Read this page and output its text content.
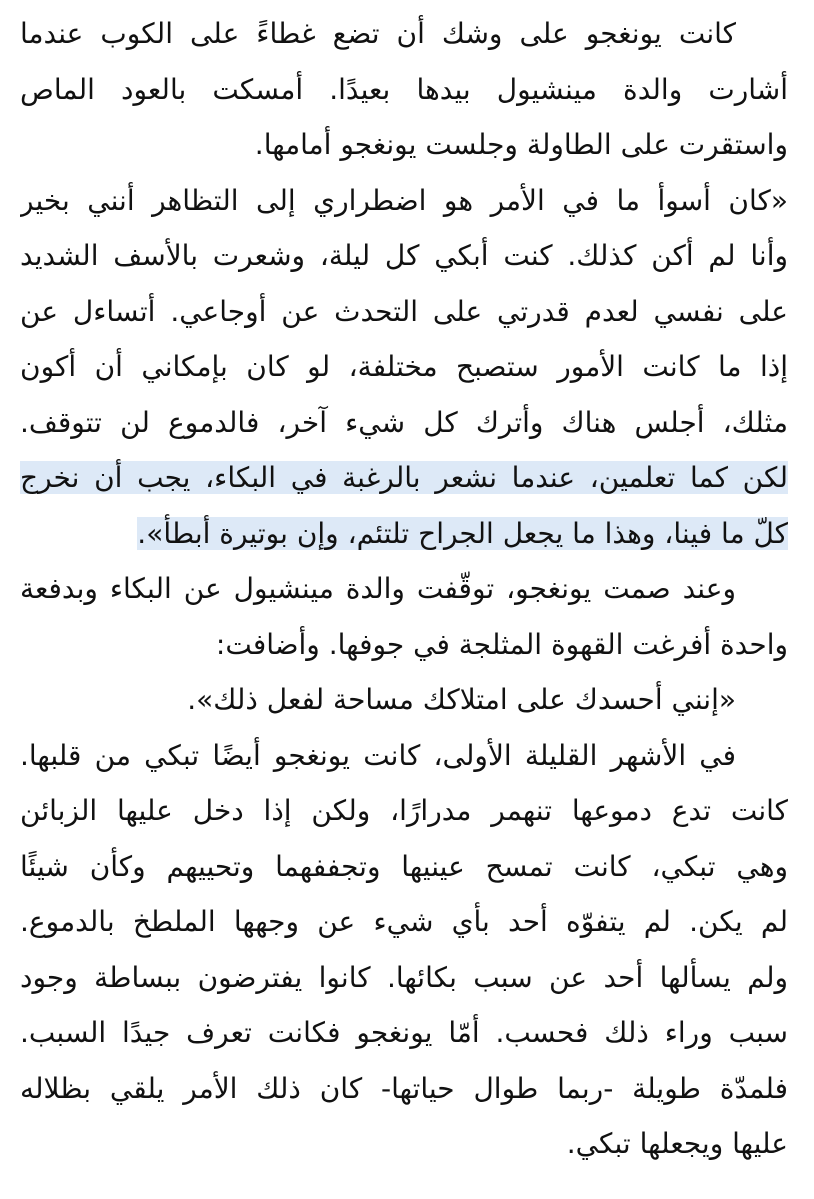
كانت يونغجو على وشك أن تضع غطاءً على الكوب عندما
أشارت والدة مينشيول بيدها بعيدًا. أمسكت بالعود الماص
واستقرت على الطاولة وجلست يونغجو أمامها.
«كان أسوأ ما في الأمر هو اضطراري إلى التظاهر أنني بخير
وأنا لم أكن كذلك. كنت أبكي كل ليلة، وشعرت بالأسف الشديد
على نفسي لعدم قدرتي على التحدث عن أوجاعي. أتساءل عن
إذا ما كانت الأمور ستصبح مختلفة، لو كان بإمكاني أن أكون
مثلك، أجلس هناك وأترك كل شيء آخر، فالدموع لن تتوقف.
لكن كما تعلمين، عندما نشعر بالرغبة في البكاء، يجب أن نخرج
كلّ ما فينا، وهذا ما يجعل الجراح تلتئم، وإن بوتيرة أبطأ».
وعند صمت يونغجو، توقّفت والدة مينشيول عن البكاء وبدفعة
واحدة أفرغت القهوة المثلجة في جوفها. وأضافت:
«إنني أحسدك على امتلاكك مساحة لفعل ذلك».
في الأشهر القليلة الأولى، كانت يونغجو أيضًا تبكي من قلبها.
كانت تدع دموعها تنهمر مدرارًا، ولكن إذا دخل عليها الزبائن
وهي تبكي، كانت تمسح عينيها وتجففهما وتحييهم وكأن شيئًا
لم يكن. لم يتفوّه أحد بأي شيء عن وجهها الملطخ بالدموع.
ولم يسألها أحد عن سبب بكائها. كانوا يفترضون ببساطة وجود
سبب وراء ذلك فحسب. أمّا يونغجو فكانت تعرف جيدًا السبب.
فلمدّة طويلة -ربما طوال حياتها- كان ذلك الأمر يلقي بظلاله
عليها ويجعلها تبكي.
